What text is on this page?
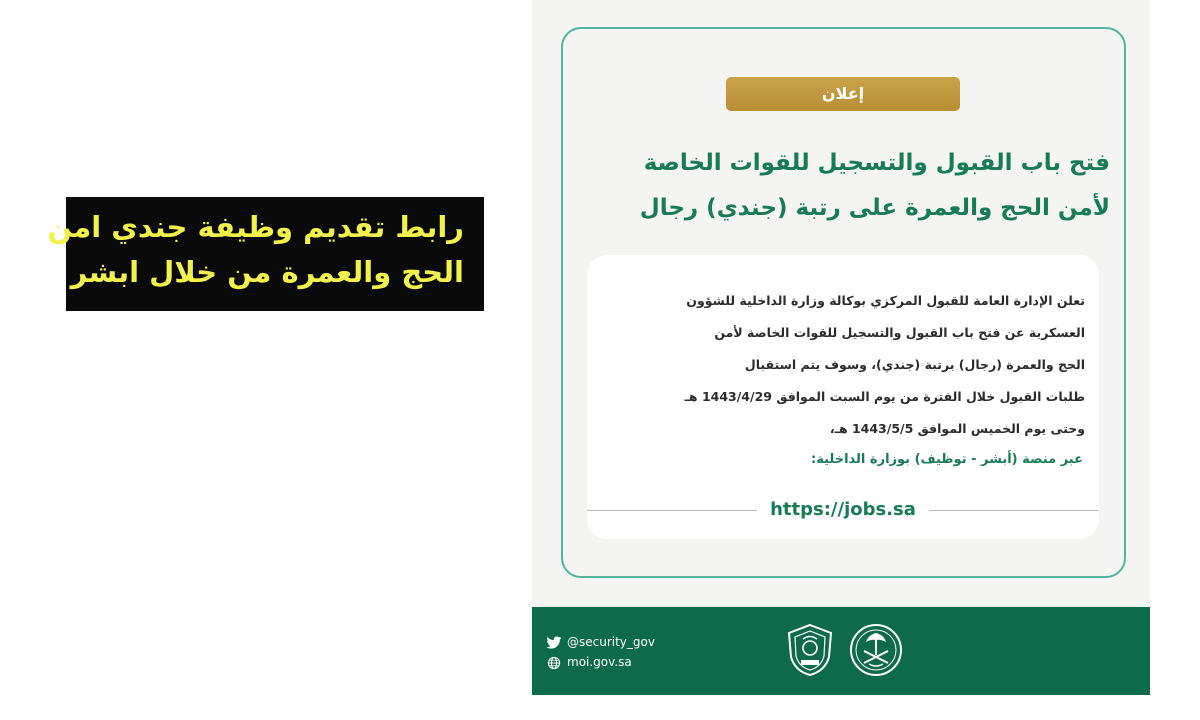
رابط تقديم وظيفة جندي امن
الحج والعمرة من خلال ابشر
إعلان
فتح باب القبول والتسجيل للقوات الخاصة
لأمن الحج والعمرة على رتبة (جندي) رجال
تعلن الإدارة العامة للقبول المركزي بوكالة وزارة الداخلية للشؤون
العسكرية عن فتح باب القبول والتسجيل للقوات الخاصة لأمن
الحج والعمرة (رجال) برتبة (جندي)، وسوف يتم استقبال
طلبات القبول خلال الفترة من يوم السبت الموافق 1443/4/29 هـ
وحتى يوم الخميس الموافق 1443/5/5 هـ،
عبر منصة (أبشر - توظيف) بوزارة الداخلية:
https://jobs.sa
@security_gov
moi.gov.sa
